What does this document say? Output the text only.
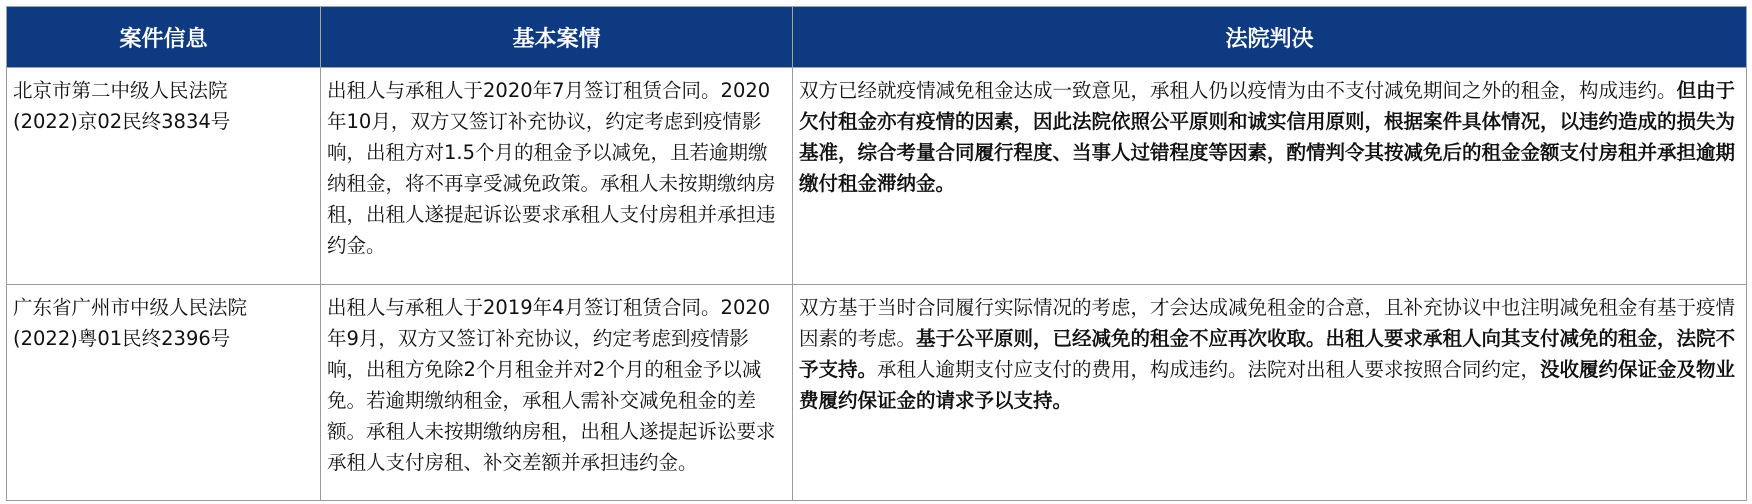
案件信息	基本案情	法院判决

北京市第二中级人民法院
(2022)京02民终3834号	出租人与承租人于2020年7月签订租赁合同。2020年10月，双方又签订补充协议，约定考虑到疫情影响，出租方对1.5个月的租金予以减免，且若逾期缴纳租金，将不再享受减免政策。承租人未按期缴纳房租，出租人遂提起诉讼要求承租人支付房租并承担违约金。	双方已经就疫情减免租金达成一致意见，承租人仍以疫情为由不支付减免期间之外的租金，构成违约。但由于欠付租金亦有疫情的因素，因此法院依照公平原则和诚实信用原则，根据案件具体情况，以违约造成的损失为基准，综合考量合同履行程度、当事人过错程度等因素，酌情判令其按减免后的租金金额支付房租并承担逾期缴付租金滞纳金。

广东省广州市中级人民法院
(2022)粤01民终2396号	出租人与承租人于2019年4月签订租赁合同。2020年9月，双方又签订补充协议，约定考虑到疫情影响，出租方免除2个月租金并对2个月的租金予以减免。若逾期缴纳租金，承租人需补交减免租金的差额。承租人未按期缴纳房租，出租人遂提起诉讼要求承租人支付房租、补交差额并承担违约金。	双方基于当时合同履行实际情况的考虑，才会达成减免租金的合意，且补充协议中也注明减免租金有基于疫情因素的考虑。基于公平原则，已经减免的租金不应再次收取。出租人要求承租人向其支付减免的租金，法院不予支持。承租人逾期支付应支付的费用，构成违约。法院对出租人要求按照合同约定，没收履约保证金及物业费履约保证金的请求予以支持。
